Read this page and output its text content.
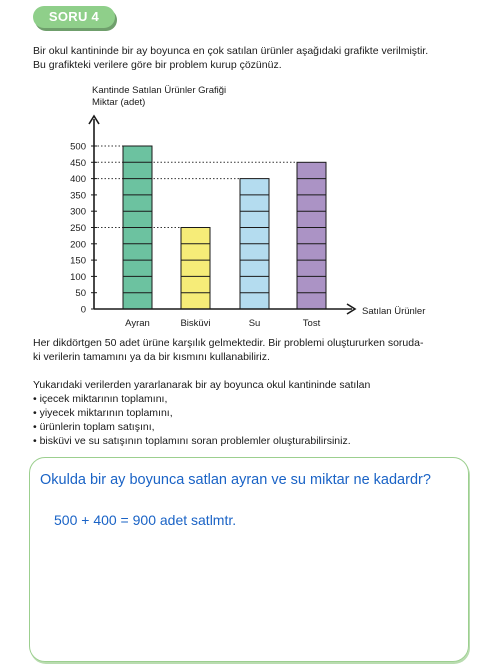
SORU 4
Bir okul kantininde bir ay boyunca en çok satılan ürünler aşağıdaki grafikte verilmiştir.
Bu grafikteki verilere göre bir problem kurup çözünüz.
Kantinde Satılan Ürünler Grafiği
Miktar (adet)
Satılan Ürünler
0
50
100
150
200
250
300
350
400
450
500
Ayran	Bisküvi	Su	Tost
Her dikdörtgen 50 adet ürüne karşılık gelmektedir. Bir problemi oluştururken soruda-
ki verilerin tamamını ya da bir kısmını kullanabiliriz.
Yukarıdaki verilerden yararlanarak bir ay boyunca okul kantininde satılan
• içecek miktarının toplamını,
• yiyecek miktarının toplamını,
• ürünlerin toplam satışını,
• bisküvi ve su satışının toplamını soran problemler oluşturabilirsiniz.
Okulda bir ay boyunca satlan ayran ve su miktar ne kadardr?
500 + 400 = 900 adet satlmtr.
